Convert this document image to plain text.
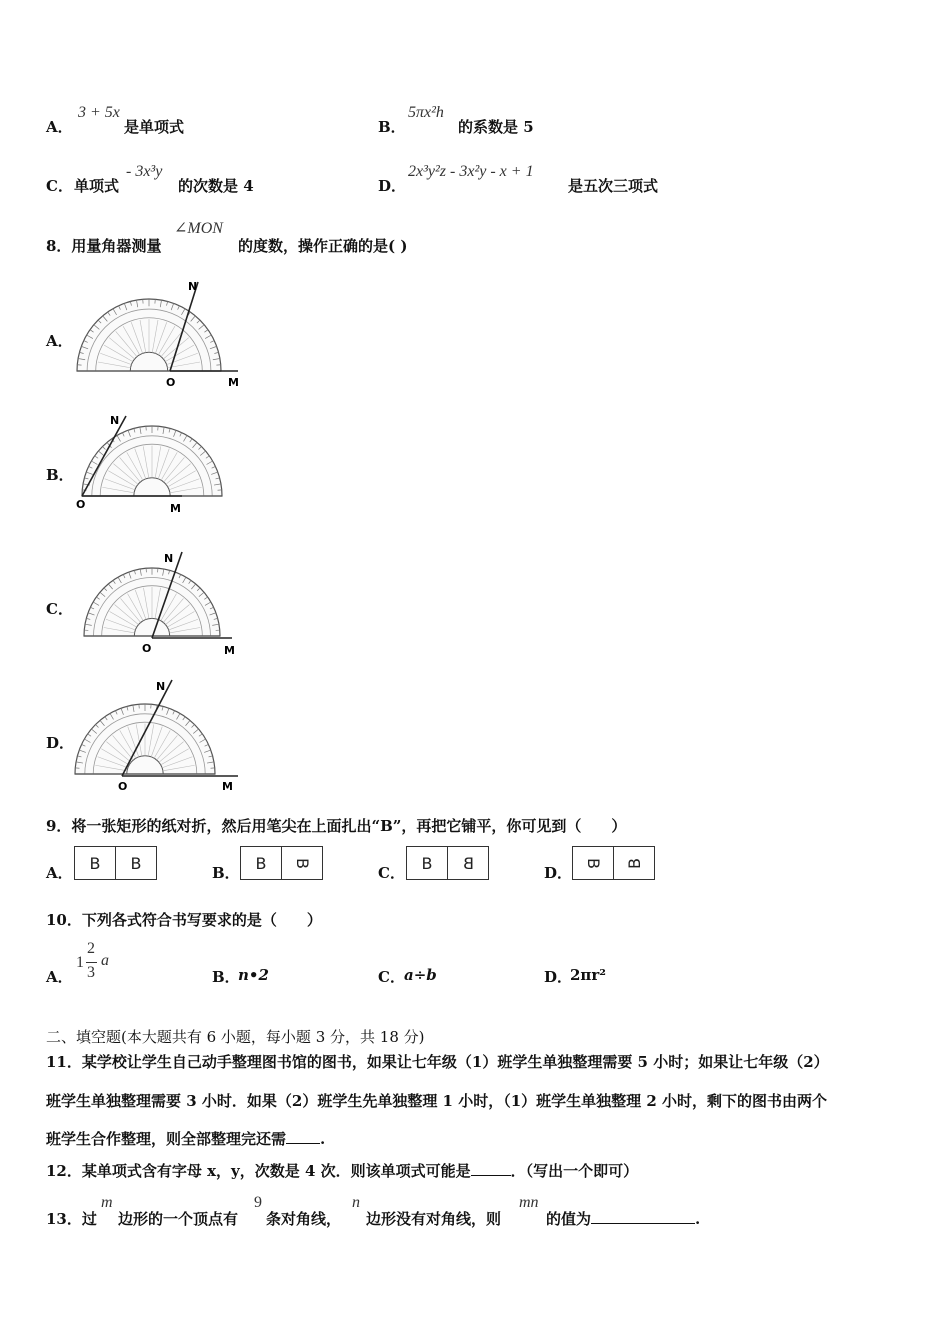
A．
3 + 5x
是单项式	B．
5πx²h
的系数是 5
C． 单项式
- 3x³y
的次数是 4	D．
2x³y²z - 3x²y - x + 1
是五次三项式
8．用量角器测量
∠MON
的度数，操作正确的是( )
A．
B．
C．
D．
O	M
N
O	M
N
O	M
N
O	M
N
9．将一张矩形的纸对折，然后用笔尖在上面扎出“B”，再把它铺平，你可见到（　　）
A．
B B
B．
B B
C．
B B
D．
B B
10．下列各式符合书写要求的是（　　）
A．
1
2
3
a
B．
n•2	C． a÷b	D．
2πr²
二、填空题(本大题共有 6 小题，每小题 3 分，共 18 分)
11．某学校让学生自己动手整理图书馆的图书，如果让七年级（1）班学生单独整理需要 5 小时；如果让七年级（2）
班学生单独整理需要 3 小时．如果（2）班学生先单独整理 1 小时，（1）班学生单独整理 2 小时，剩下的图书由两个
班学生合作整理，则全部整理完还需 .
12．某单项式含有字母 x，y，次数是 4 次．则该单项式可能是	．（写出一个即可）
13．过
m
边形的一个顶点有
9
条对角线，
n
边形没有对角线，则
mn
的值为	.
